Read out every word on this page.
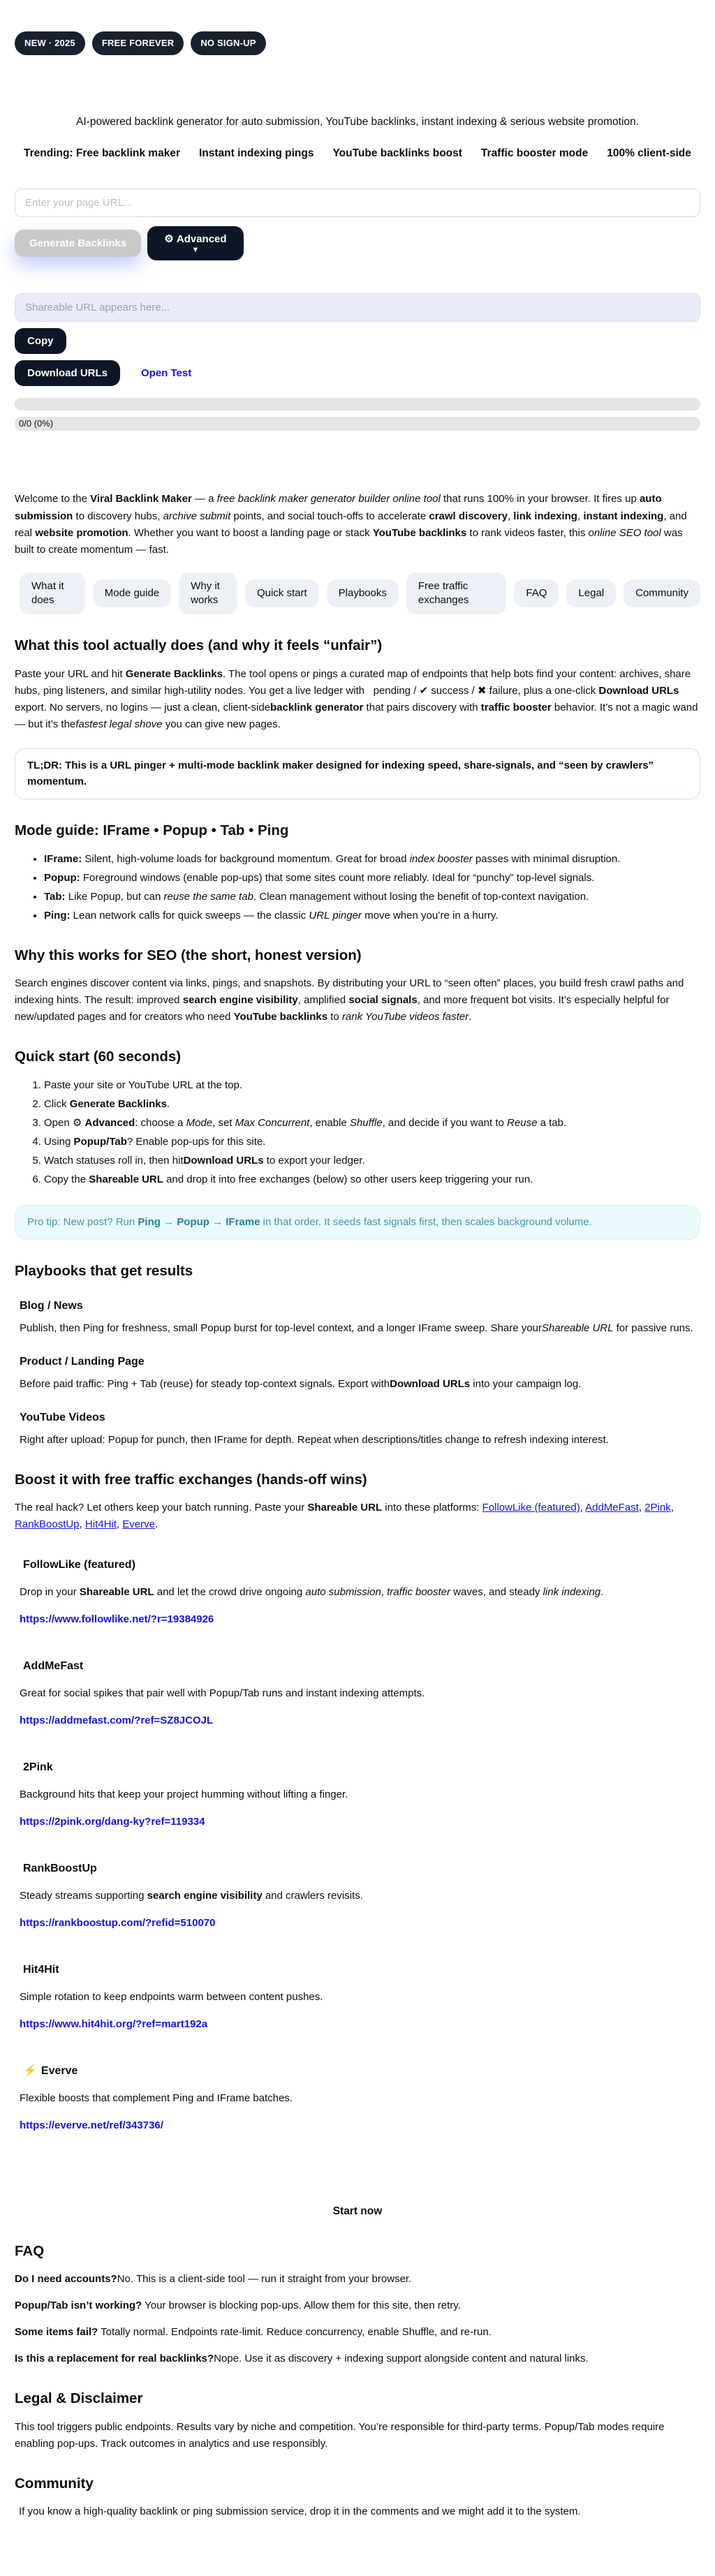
NEW · 2025	FREE FOREVER	NO SIGN-UP

AI-powered backlink generator for auto submission, YouTube backlinks, instant indexing & serious website promotion.

Trending: Free backlink maker Instant indexing pings YouTube backlinks boost Traffic booster mode 100% client-side
Enter your page URL...
Generate Backlinks	⚙ Advanced
▼
Shareable URL appears here...
Copy
Download URLs	Open Test
0/0 (0%)

Welcome to the Viral Backlink Maker — a free backlink maker generator builder online tool that runs 100% in your browser. It fires up auto submission to discovery hubs, archive submit points, and social touch-offs to accelerate crawl discovery, link indexing, instant indexing, and real website promotion. Whether you want to boost a landing page or stack YouTube backlinks to rank videos faster, this online SEO tool was built to create momentum — fast.

What it does
Mode guide
Why it works
Quick start	Playbooks
Free traffic exchanges
FAQ	Legal	Community
What this tool actually does (and why it feels “unfair”)

Paste your URL and hit Generate Backlinks. The tool opens or pings a curated map of endpoints that help bots find your content: archives, share hubs, ping listeners, and similar high-utility nodes. You get a live ledger with   pending / ✔ success / ✖ failure, plus a one-click Download URLs export. No servers, no logins — just a clean, client-sidebacklink generator that pairs discovery with traffic booster behavior. It’s not a magic wand — but it’s thefastest legal shove you can give new pages.

TL;DR: This is a URL pinger + multi-mode backlink maker designed for indexing speed, share-signals, and “seen by crawlers” momentum.
Mode guide: IFrame • Popup • Tab • Ping
• IFrame: Silent, high-volume loads for background momentum. Great for broad index booster passes with minimal disruption.
• Popup: Foreground windows (enable pop-ups) that some sites count more reliably. Ideal for “punchy” top-level signals.
• Tab: Like Popup, but can reuse the same tab. Clean management without losing the benefit of top-context navigation.
• Ping: Lean network calls for quick sweeps — the classic URL pinger move when you’re in a hurry.
Why this works for SEO (the short, honest version)

Search engines discover content via links, pings, and snapshots. By distributing your URL to “seen often” places, you build fresh crawl paths and indexing hints. The result: improved search engine visibility, amplified social signals, and more frequent bot visits. It’s especially helpful for new/updated pages and for creators who need YouTube backlinks to rank YouTube videos faster.

Quick start (60 seconds)
1. Paste your site or YouTube URL at the top.
2. Click Generate Backlinks.
3. Open ⚙ Advanced: choose a Mode, set Max Concurrent, enable Shuffle, and decide if you want to Reuse a tab.
4. Using Popup/Tab? Enable pop-ups for this site.
5. Watch statuses roll in, then hitDownload URLs to export your ledger.
6. Copy the Shareable URL and drop it into free exchanges (below) so other users keep triggering your run.
Pro tip: New post? Run Ping → Popup → IFrame in that order. It seeds fast signals first, then scales background volume.
Playbooks that get results
Blog / News

Publish, then Ping for freshness, small Popup burst for top-level context, and a longer IFrame sweep. Share yourShareable URL for passive runs.

Product / Landing Page

Before paid traffic: Ping + Tab (reuse) for steady top-context signals. Export withDownload URLs into your campaign log.

YouTube Videos

Right after upload: Popup for punch, then IFrame for depth. Repeat when descriptions/titles change to refresh indexing interest.

Boost it with free traffic exchanges (hands-off wins)

The real hack? Let others keep your batch running. Paste your Shareable URL into these platforms: FollowLike (featured), AddMeFast, 2Pink, RankBoostUp, Hit4Hit, Everve.

FollowLike (featured)

Drop in your Shareable URL and let the crowd drive ongoing auto submission, traffic booster waves, and steady link indexing.

https://www.followlike.net/?r=19384926
AddMeFast

Great for social spikes that pair well with Popup/Tab runs and instant indexing attempts.

https://addmefast.com/?ref=SZ8JCOJL
2Pink

Background hits that keep your project humming without lifting a finger.

https://2pink.org/dang-ky?ref=119334
RankBoostUp

Steady streams supporting search engine visibility and crawlers revisits.

https://rankboostup.com/?refid=510070
Hit4Hit

Simple rotation to keep endpoints warm between content pushes.

https://www.hit4hit.org/?ref=mart192a
⚡ Everve

Flexible boosts that complement Ping and IFrame batches.

https://everve.net/ref/343736/
Start now
FAQ

Do I need accounts?No. This is a client-side tool — run it straight from your browser.

Popup/Tab isn’t working? Your browser is blocking pop-ups. Allow them for this site, then retry.

Some items fail? Totally normal. Endpoints rate-limit. Reduce concurrency, enable Shuffle, and re-run.

Is this a replacement for real backlinks?Nope. Use it as discovery + indexing support alongside content and natural links.

Legal & Disclaimer

This tool triggers public endpoints. Results vary by niche and competition. You’re responsible for third-party terms. Popup/Tab modes require enabling pop-ups. Track outcomes in analytics and use responsibly.

Community

If you know a high-quality backlink or ping submission service, drop it in the comments and we might add it to the system.
